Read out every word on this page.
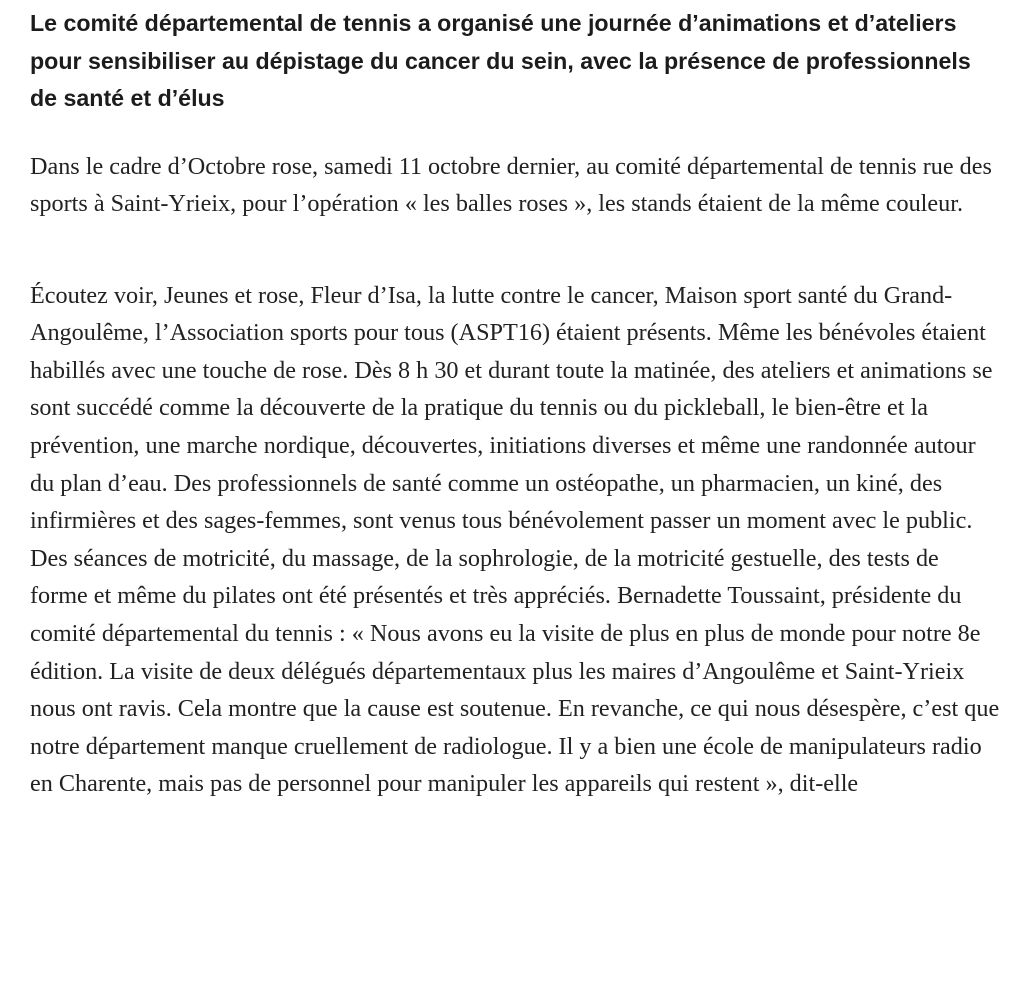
Le comité départemental de tennis a organisé une journée d’animations et d’ateliers pour sensibiliser au dépistage du cancer du sein, avec la présence de professionnels de santé et d’élus

Dans le cadre d’Octobre rose, samedi 11 octobre dernier, au comité départemental de tennis rue des sports à Saint-Yrieix, pour l’opération « les balles roses », les stands étaient de la même couleur.

Écoutez voir, Jeunes et rose, Fleur d’Isa, la lutte contre le cancer, Maison sport santé du Grand-Angoulême, l’Association sports pour tous (ASPT16) étaient présents. Même les bénévoles étaient habillés avec une touche de rose. Dès 8 h 30 et durant toute la matinée, des ateliers et animations se sont succédé comme la découverte de la pratique du tennis ou du pickleball, le bien-être et la prévention, une marche nordique, découvertes, initiations diverses et même une randonnée autour du plan d’eau. Des professionnels de santé comme un ostéopathe, un pharmacien, un kiné, des infirmières et des sages-femmes, sont venus tous bénévolement passer un moment avec le public. Des séances de motricité, du massage, de la sophrologie, de la motricité gestuelle, des tests de forme et même du pilates ont été présentés et très appréciés. Bernadette Toussaint, présidente du comité départemental du tennis : « Nous avons eu la visite de plus en plus de monde pour notre 8e édition. La visite de deux délégués départementaux plus les maires d’Angoulême et Saint-Yrieix nous ont ravis. Cela montre que la cause est soutenue. En revanche, ce qui nous désespère, c’est que notre département manque cruellement de radiologue. Il y a bien une école de manipulateurs radio en Charente, mais pas de personnel pour manipuler les appareils qui restent », dit-elle
